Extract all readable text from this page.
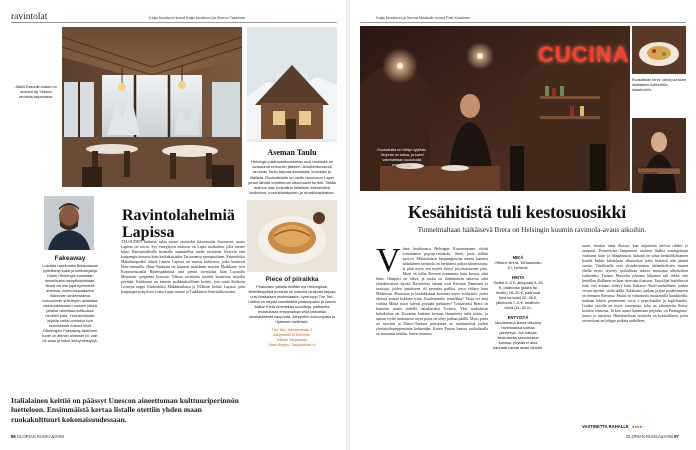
ravintolat	Kaija Nordlund kuvat Kaija Nordlund ja Kimmo Taskinen
Jäähil-Rasunlin baabu on aloissut laij Yllässin ravintola-tarjontaasa.
Aseman Taulu
Helsingin päärautatieaseman uusi ravintola on avautunut remontin jälkeen. Arkkitehtonisesti arvokas Taulu tarjoaa aamiaista, lounasta ja illallista. Ruokalistalla on olettu huomioon Lapin junan lähtöä odottelevat ulkomaiset turistit. Täällä mahtuu saa ruokaillua listalisen esimerkiksi lohikeiton, poronkäristyksen ja mustikkapiirakan.
Ravintolahelmiä Lapissa
Fakeaway
Lukuisia ravintoloita Britanniassa pyörittänyt kokki ja keittokirjailija Yotam Ottolenghi tunnetaan herkullisista reseptikirjoistaan. Nissä voi olla jopa kymmeniä aineksia, mutta kaupalliseksi Walnoven lanseeraamia kotoustuviin yhteistyön aniaisista ravintolatasoisten ruokien pilkkä jellaisa valmiiksia kotiluokaa henkilöt joilla. Yksinkertaisilla ohjeilla kaikki onnistuu kuin ravintolassa Kotona Wolt Ottolenghin Fakeaway-lähtöinen tuote on aterian ainekset yli, vain ne avaa ja maun tietoyhteistyöjä.

TALOUDEN aiakulus tukia moset ravintolat käsivintolat Suomessa, mutta Lapissa on toisin. Syy energisyen monoon on Lapin matkailun, jolla menee lujaa. Kansainvälisille kermalle suunnitellut uudet ravintolat löytyvät niin kaupungin kuvasta kuin keskuksistakin Tarjontansa monipuolinen. Esimerkiksi Mäkälänopolksi älässä Lainen Lapissa on uusista kohteissa, jotka kuuluvat Huts-tunturilla. Hans-Viinikatu on kauneus maailman suurien Markkaan- tien Kotaravintolalla Ridenspääninsä osta pientä ravintolaa kuin Luostolla Mountain- piispansa kerrosta. Oikeaa ravintolat tuotteet luonnosta tarjoilut pöytään. Kirkkaasti on samoin poikkeuksellinen keittiö, jota vetää Kerhoon Leoneya nappi. Esimerkiksi Mäkänlanlassa ja Ylläksen keittiö Lapissa, jotta kaupungin pohjoisen Loma Lappi tunturi ja Tuikkusten Sanvitalla mittasi.

Piece of piiraikka
Pirakoiden yallalla heittäin nyt Helsingissä. Brittiläistyylisiä tuotteita on makeita pirakoita tarjoaa uusi ikiaikaisen mielenlaadun Lyeshoppi The Tart. Lisäksi on tarjolla baaritiskillä pirakkapalan ja kahvin lisäksi Etelä-Amerikkaa suosittuja, pastejeita muistuttavia empanadoja sekä pastaista ranskalaisesta kaupoista, Aleppoton kokoonpano ja Hjalmarin keittiöstä.
The Tart, Hämeenkatu 2
Aleppontie B Kiertotie,
Välitön Huipantalo
Sami Aleppo, Sayluonkatu 4
Italialainen keittiö on päässyt Unescon aineettoman kulttuuriperinnön luetteloon. Ensimmäistä kertaa listalle otettiin yhden maan ruokakulttuuri kokonaisuudessaan.
86 GLORIAN RUOKA&VIINI
Kaija Nordlund ja Sanna Maskulin kuvat Pasi Koskinen
CUCINA
Ruokailutila on hillityn tyylikäs. Tarjonta on tuttua, ja kahvi valmistetaan kuuluisalla espressolla.
Ruokalistan terve, ideat juurtuvat italialaisen kotikeittiön klassikoihin.
Forma tilanttiä Brevrana ovi Svetna koolla.
Kesähitistä tuli kestosuosikki
Tunnelmaltaan häikäisevä Brera on Helsingin kuumin ravintola-avaus aikoihin.
V iime kesäkuussa Helsingin Kaisaniemeen aloitti toimintansa pop-up-ravintola, ilmiö, josta tulikin pysyvä. Milanolaisen kaupunginosan nimeä kantava italialainen ravintola on herättänyt paljon kiinnostusta, ja pian myös sen myötä syntyi pöytävarausten jono. Moni on tullut Breraan useammin kuin kerran, eikä ihme. Ilmapiiri on elävä, ja ruoka on ilahduttavan taitavaa sekä yksinkertaisen hyvää. Ravintolan takana ovat Kristian Nieminen ja tuottajat, joiden ajatuksena oli perustaa paikka, jossa viihtyy kuin Milanossa. Rentoutta ja laadukkuutta korostaa myös avokeittiö, jonka ääressä seuraa kokkien työtä. Kuulemmeko musiikkia? Tästä voi aina vaihtaa Mitkä ruoat tulevat pöytään parhaiten? Toistaiseksi Brera on katsonut musta yhdellä italialaiseksi Torinoa. Yksi ruokalistan kohokohtia on Toscanan kahteen kertaan lämmitetty tuhti keitto, ja saman tyylin mukaisesti myös pasta on tehty paikan päällä. Myös pizza on suosittu ja Marco-Tuomas pariskunta on ensimmäisiä joiden yhteistyökumppanuutta kehitetään. Kuten Pastan kanssa ruokalistalla on muutama herkku, kuten tiramisu.
MIKÄ
Officine Brera, Tehtaankatu 10, Helsinki.
HINTA
Snäkit 5–8 €, alkupalat 9–18 €, pääruoka (pasta tai risotto) 18–20 €, pääruoat (liha tai kala) 20–36 €, jälkiruoat 7–8 €, lasillinen viiniä (11–30 e).
ENTYISTÄ
Muutamana iltana viikossa ravintolassa soittaa jazzyhtye. Jos haluaa keskustella seurueksesi kanssa, pöytää ei aina kannata varata lavan lähellä.

turan, etenkin nimä illoissa, kun tarjontaan tulevat sähköt ja antipasti. Perinteisten lämpimien ruokien lisäksi sesongeittain vaihtuvat kala- ja lihapääruoat, kukaan on sama henkilökohtainen listalla kaikki kahdeksan alkuruokaa jotka kestävät niin pientä vuotta. Viinilistalla ovat yksinkertaisten italiankielisten viinien ohella myös täytetty ruokalistaa tukeva muutama alkoholiton vaihtoehto. Tiziano Marcelin johtama hiljainen sali tietää, että kesäillan illallinen on kuin itsessään tilaisuus. Tarjoilijat huolehtivat siitä, että asiakas viihtyy kuin Italiassa. Puoli-rauhallinen, jonkin verran ripeästi, siellä täällä. Aikakausi, paikan ja ajan pysähtyminen on teemana Brerassa. Pastat on valmistettu muutamilla kastikkeilla, mukaan lukien perinteinen cacio e pepe-kastike ja ragù-kastike. Lisäksi tarjolla on myös tuorepasta, joka on valmistettu Brera-keittiön toimesta. Ja kun annos kannetaan pöytään, on Parmigiano-juusto jo raastettu. Hintatasoltaan ravintola on kohtuullinen, joten ravintolaan on helppo poiketa uudelleen.

VASTINETTA RAHALLE ●●●●○
GLORIAN RUOKA&VIINI 87
